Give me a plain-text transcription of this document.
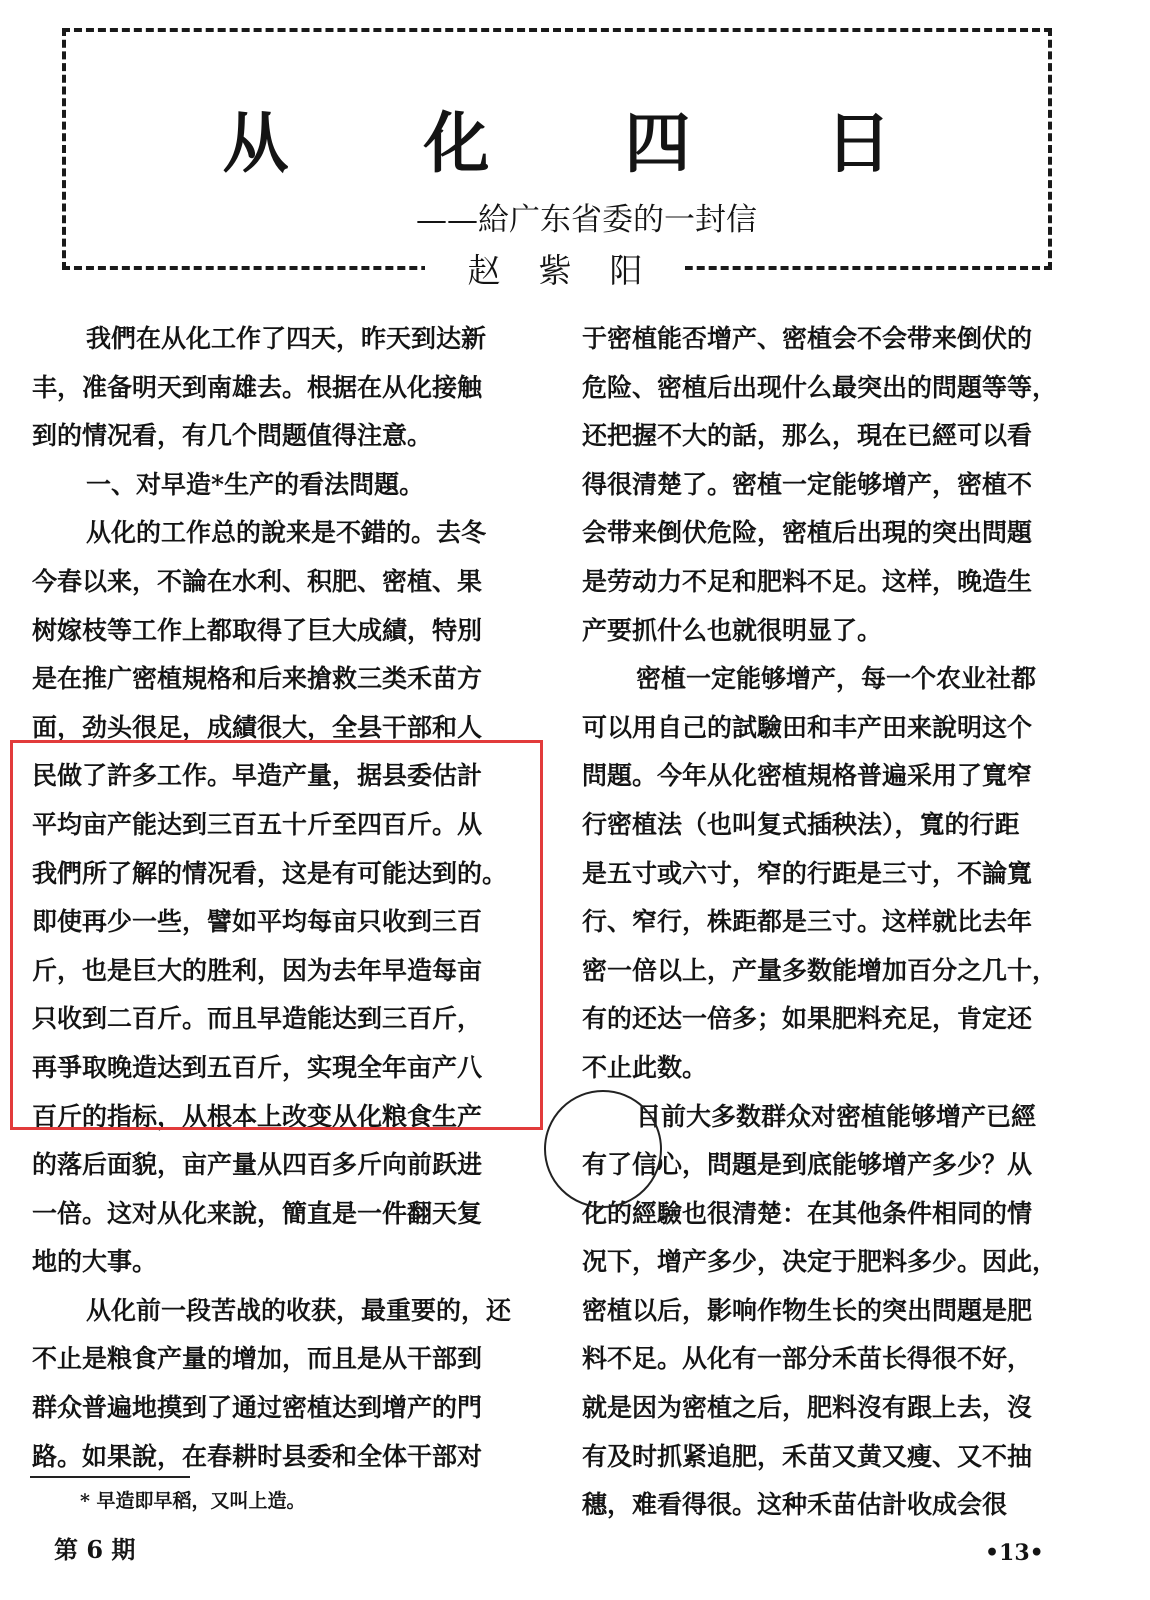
从 化 四 日
——給广东省委的一封信
赵 紫 阳

我們在从化工作了四天，昨天到达新

丰，准备明天到南雄去。根据在从化接触

到的情况看，有几个問题值得注意。

一、对早造*生产的看法問題。

从化的工作总的說来是不錯的。去冬

今春以来，不論在水利、积肥、密植、果

树嫁枝等工作上都取得了巨大成績，特別

是在推广密植規格和后来搶救三类禾苗方

面，劲头很足，成績很大，全县干部和人

民做了許多工作。早造产量，据县委估計

平均亩产能达到三百五十斤至四百斤。从

我們所了解的情况看，这是有可能达到的。

即使再少一些，譬如平均每亩只收到三百

斤，也是巨大的胜利，因为去年早造每亩

只收到二百斤。而且早造能达到三百斤，

再爭取晚造达到五百斤，实現全年亩产八

百斤的指标，从根本上改变从化粮食生产

的落后面貌，亩产量从四百多斤向前跃进

一倍。这对从化来說，簡直是一件翻天复

地的大事。

从化前一段苦战的收获，最重要的，还

不止是粮食产量的增加，而且是从干部到

群众普遍地摸到了通过密植达到增产的門

路。如果說，在春耕时县委和全体干部对

于密植能否增产、密植会不会带来倒伏的

危险、密植后出现什么最突出的問題等等，

还把握不大的話，那么，現在已經可以看

得很清楚了。密植一定能够增产，密植不

会带来倒伏危险，密植后出現的突出問題

是劳动力不足和肥料不足。这样，晚造生

产要抓什么也就很明显了。

密植一定能够增产，每一个农业社都

可以用自己的試驗田和丰产田来說明这个

問題。今年从化密植規格普遍采用了寬窄

行密植法（也叫复式插秧法），寬的行距

是五寸或六寸，窄的行距是三寸，不論寬

行、窄行，株距都是三寸。这样就比去年

密一倍以上，产量多数能增加百分之几十，

有的还达一倍多；如果肥料充足，肯定还

不止此数。

目前大多数群众对密植能够增产已經

有了信心，問題是到底能够增产多少？从

化的經驗也很清楚：在其他条件相同的情

况下，增产多少，决定于肥料多少。因此，

密植以后，影响作物生长的突出問題是肥

料不足。从化有一部分禾苗长得很不好，

就是因为密植之后，肥料沒有跟上去，沒

有及时抓紧追肥，禾苗又黄又瘦、又不抽

穗，难看得很。这种禾苗估計收成会很

* 早造即早稻，又叫上造。
第 6 期	•13•
